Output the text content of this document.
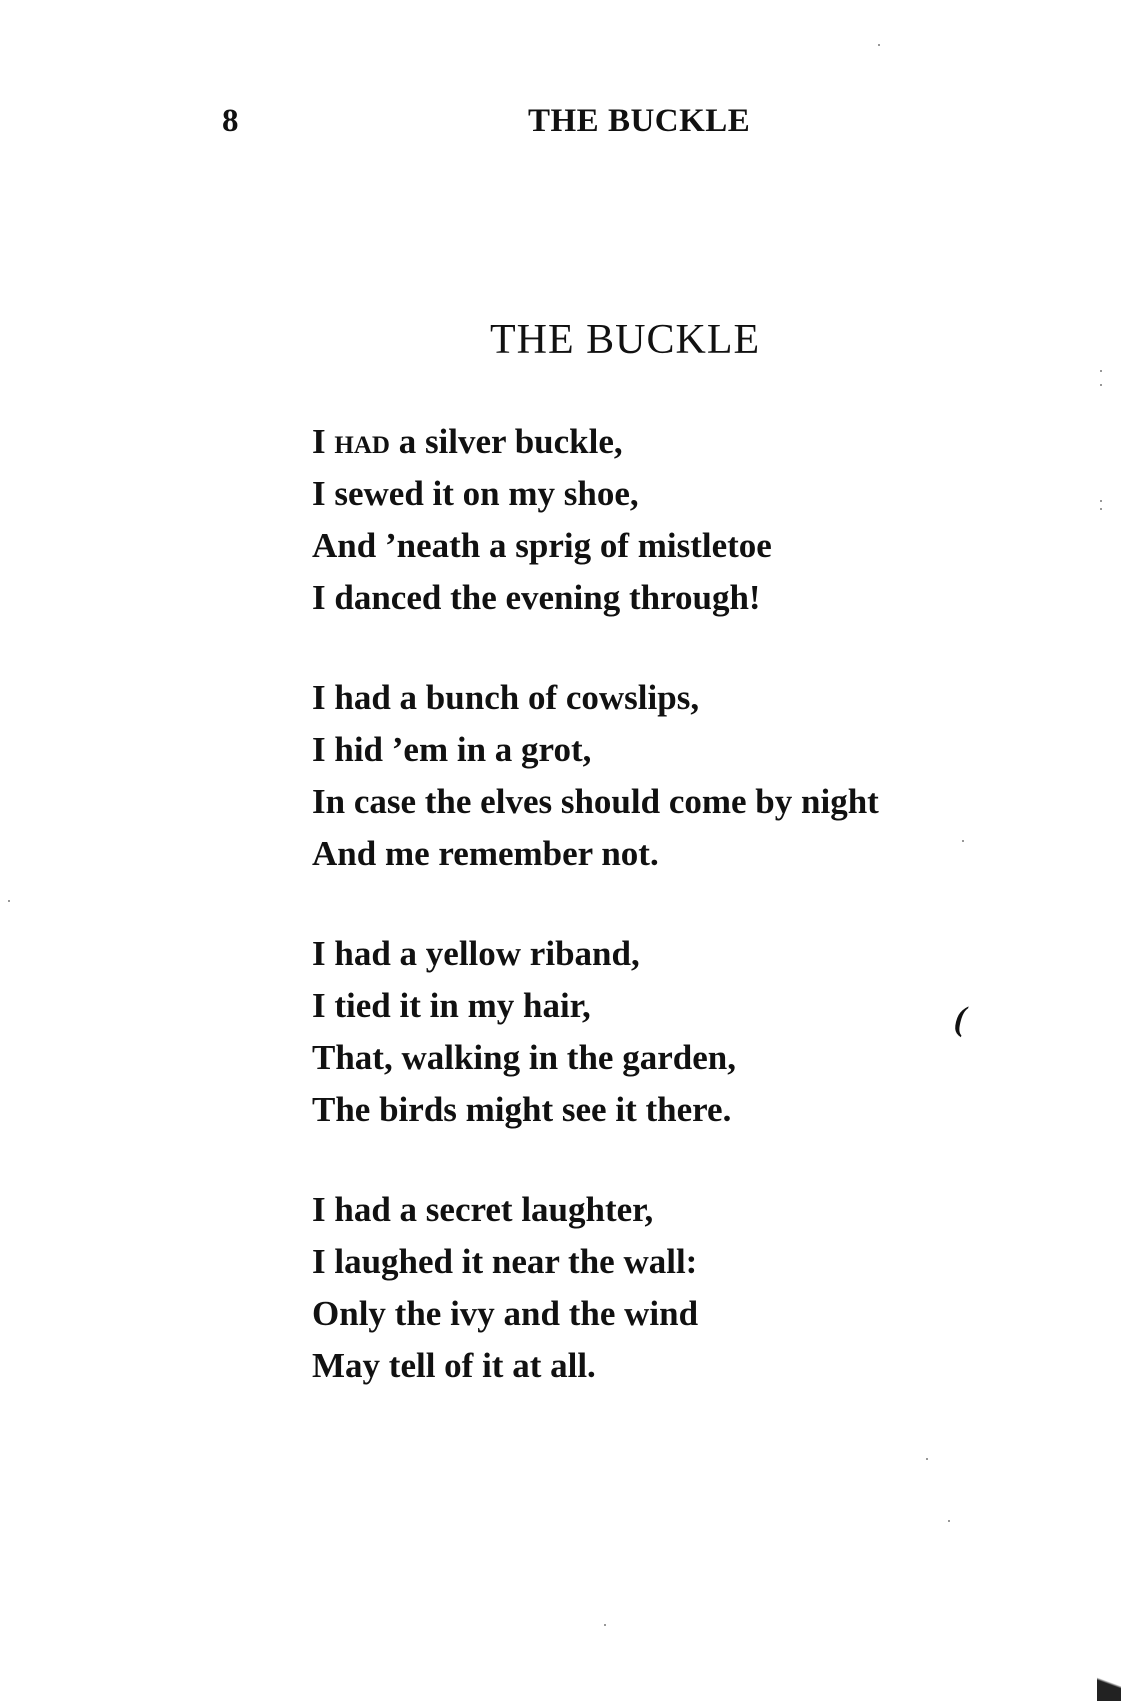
8	THE BUCKLE
THE BUCKLE
I had a silver buckle,
I sewed it on my shoe,
And ’neath a sprig of mistletoe
I danced the evening through!
I had a bunch of cowslips,
I hid ’em in a grot,
In case the elves should come by night
And me remember not.
I had a yellow riband,
I tied it in my hair,
That, walking in the garden,
The birds might see it there.
I had a secret laughter,
I laughed it near the wall:
Only the ivy and the wind
May tell of it at all.
(
